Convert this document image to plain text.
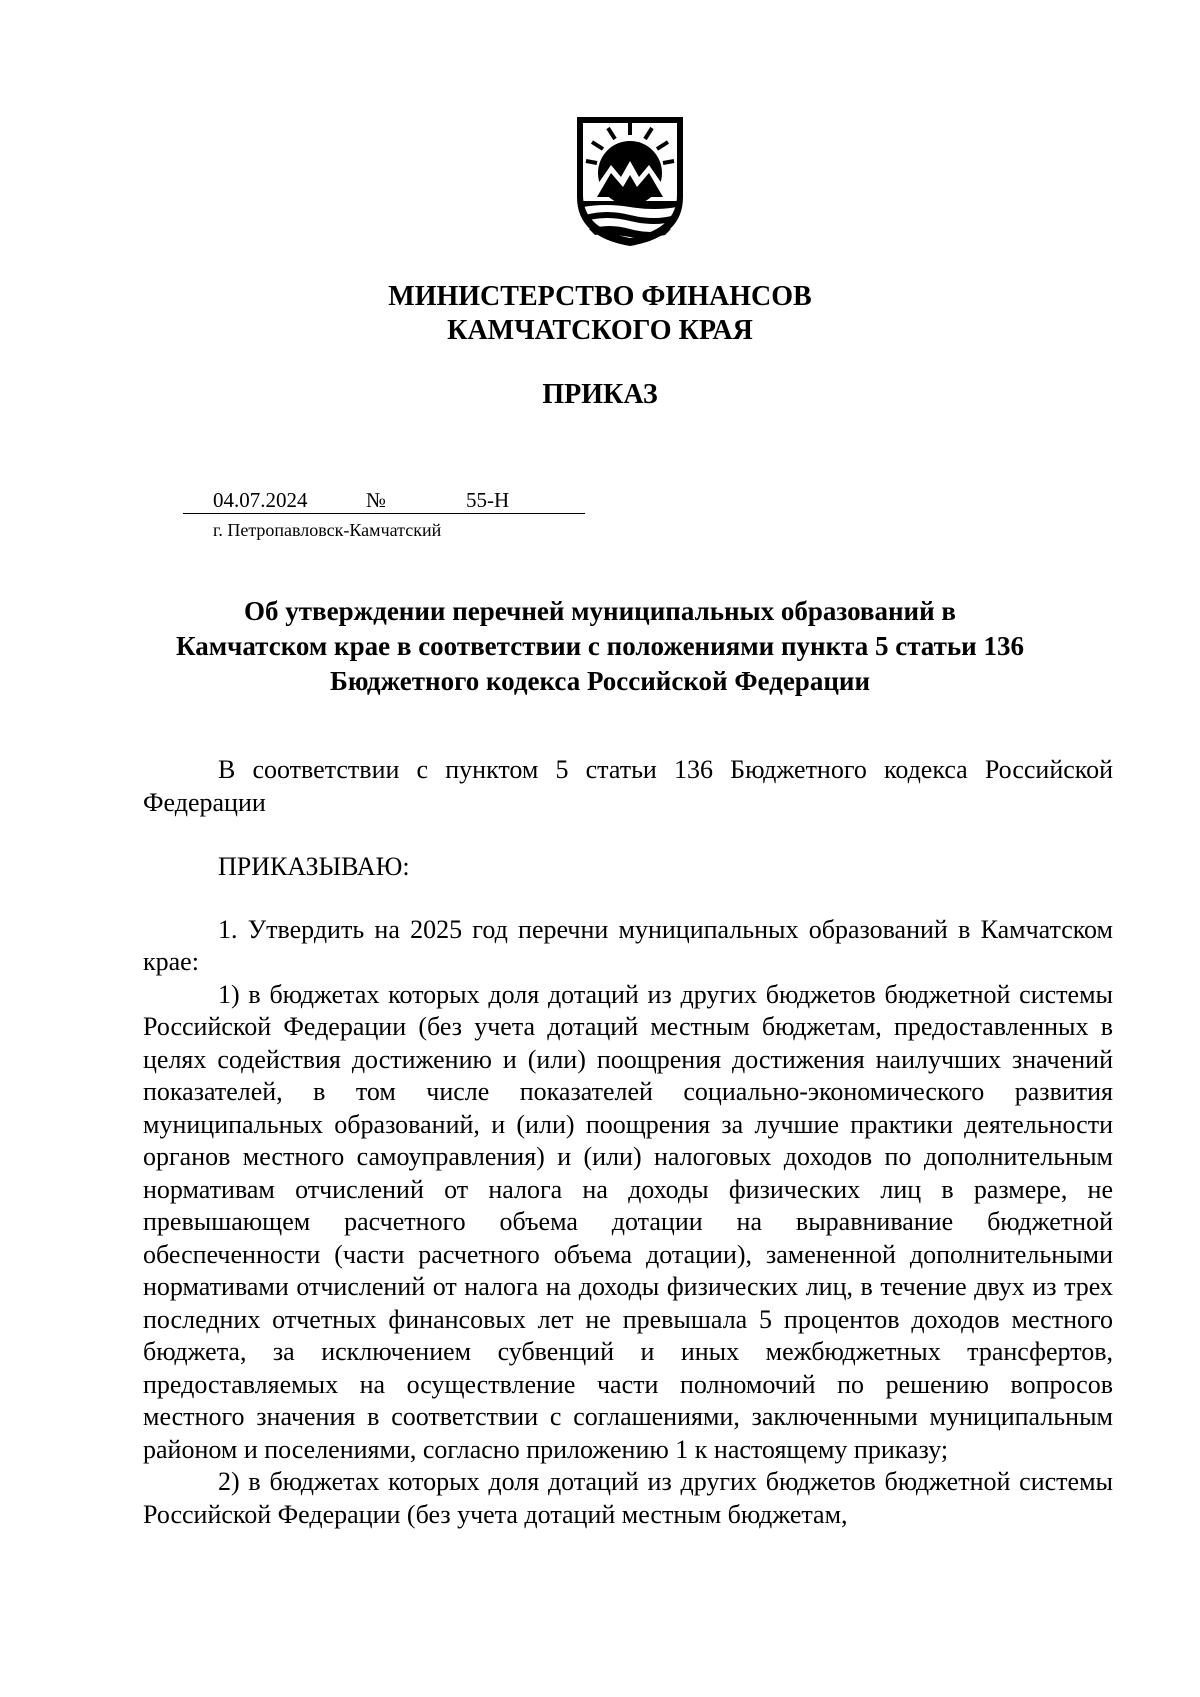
МИНИСТЕРСТВО ФИНАНСОВ
КАМЧАТСКОГО КРАЯ
ПРИКАЗ
04.07.2024	№	55-Н
г. Петропавловск-Камчатский
Об утверждении перечней муниципальных образований в
Камчатском крае в соответствии с положениями пункта 5 статьи 136
Бюджетного кодекса Российской Федерации

В соответствии с пунктом 5 статьи 136 Бюджетного кодекса Российской Федерации

ПРИКАЗЫВАЮ:

1. Утвердить на 2025 год перечни муниципальных образований в Камчатском крае:

1) в бюджетах которых доля дотаций из других бюджетов бюджетной системы Российской Федерации (без учета дотаций местным бюджетам, предоставленных в целях содействия достижению и (или) поощрения достижения наилучших значений показателей, в том числе показателей социально-экономического развития муниципальных образований, и (или) поощрения за лучшие практики деятельности органов местного самоуправления) и (или) налоговых доходов по дополнительным нормативам отчислений от налога на доходы физических лиц в размере, не превышающем расчетного объема дотации на выравнивание бюджетной обеспеченности (части расчетного объема дотации), замененной дополнительными нормативами отчислений от налога на доходы физических лиц, в течение двух из трех последних отчетных финансовых лет не превышала 5 процентов доходов местного бюджета, за исключением субвенций и иных межбюджетных трансфертов, предоставляемых на осуществление части полномочий по решению вопросов местного значения в соответствии с соглашениями, заключенными муниципальным районом и поселениями, согласно приложению 1 к настоящему приказу;

2) в бюджетах которых доля дотаций из других бюджетов бюджетной системы Российской Федерации (без учета дотаций местным бюджетам,
